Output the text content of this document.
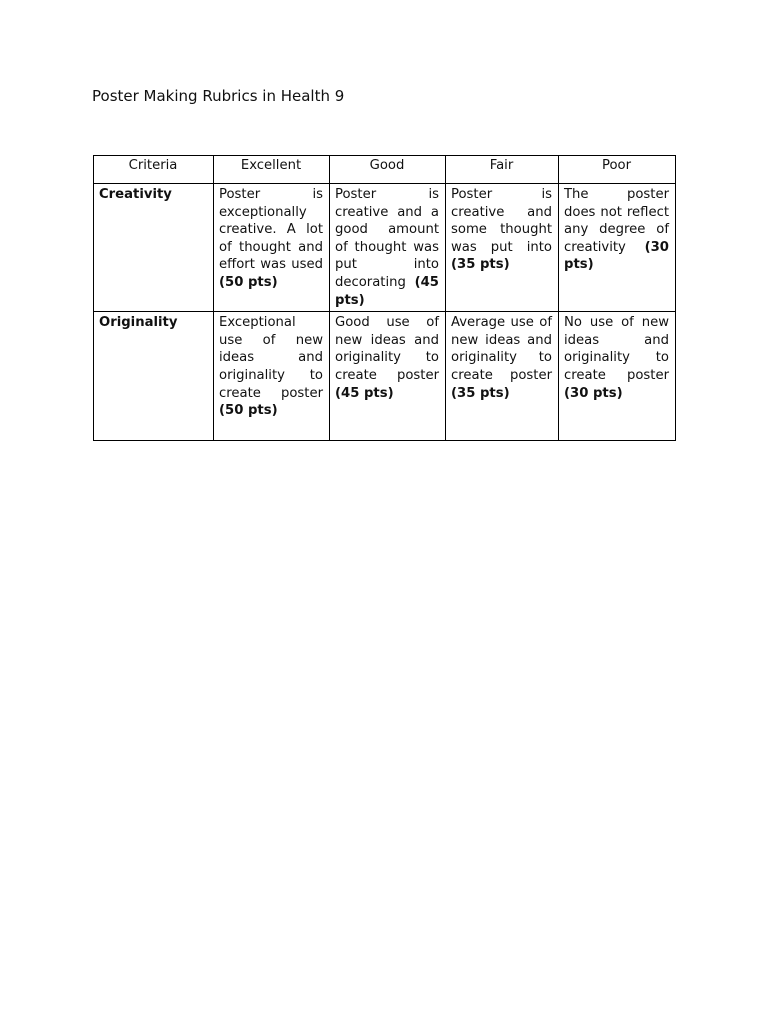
Poster Making Rubrics in Health 9
Criteria	Excellent	Good	Fair	Poor
Creativity	Poster is exceptionally creative. A lot of thought and effort was used (50 pts)	Poster is creative and a good amount of thought was put into decorating (45 pts)	Poster is creative and some thought was put into (35 pts)	The poster does not reflect any degree of creativity (30 pts)
Originality	Exceptional use of new ideas and originality to create poster (50 pts)	Good use of new ideas and originality to create poster (45 pts)	Average use of new ideas and originality to create poster (35 pts)	No use of new ideas and originality to create poster (30 pts)
